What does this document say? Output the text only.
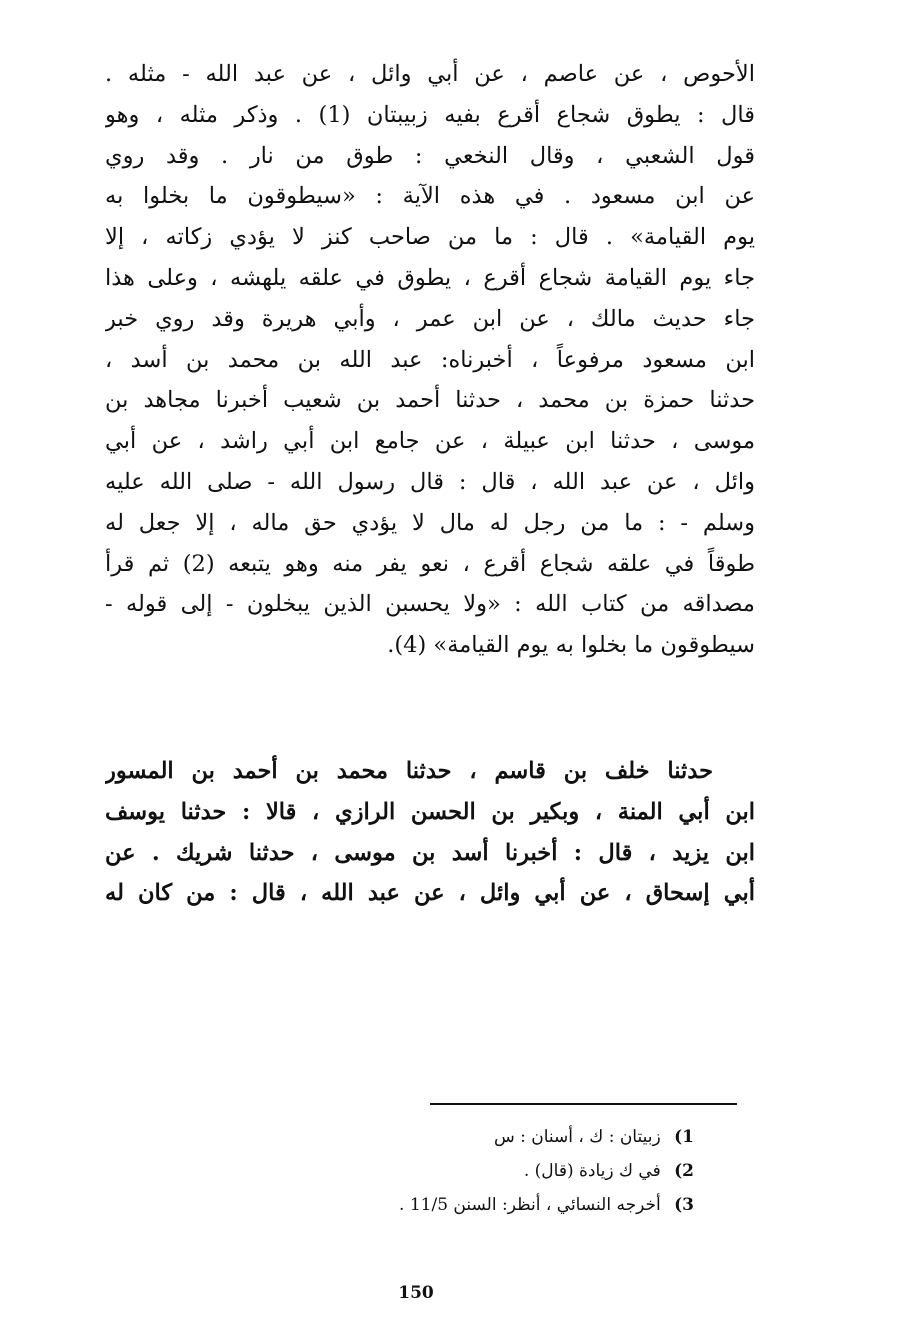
الأحوص ، عن عاصم ، عن أبي وائل ، عن عبد الله - مثله .
قال : يطوق شجاع أقرع بفيه زبيبتان (1) . وذكر مثله ، وهو
قول الشعبي ، وقال النخعي : طوق من نار . وقد روي
عن ابن مسعود . في هذه الآية : «سيطوقون ما بخلوا به
يوم القيامة» . قال : ما من صاحب كنز لا يؤدي زكاته ، إلا
جاء يوم القيامة شجاع أقرع ، يطوق في علقه يلهشه ، وعلى هذا
جاء حديث مالك ، عن ابن عمر ، وأبي هريرة وقد روي خبر
ابن مسعود مرفوعاً ، أخبرناه: عبد الله بن محمد بن أسد ،
حدثنا حمزة بن محمد ، حدثنا أحمد بن شعيب أخبرنا مجاهد بن
موسى ، حدثنا ابن عبيلة ، عن جامع ابن أبي راشد ، عن أبي
وائل ، عن عبد الله ، قال : قال رسول الله - صلى الله عليه
وسلم - : ما من رجل له مال لا يؤدي حق ماله ، إلا جعل له
طوقاً في علقه شجاع أقرع ، نعو يفر منه وهو يتبعه (2) ثم قرأ
مصداقه من كتاب الله : «ولا يحسبن الذين يبخلون - إلى قوله -
سيطوقون ما بخلوا به يوم القيامة» (4).
حدثنا خلف بن قاسم ، حدثنا محمد بن أحمد بن المسور
ابن أبي المنة ، وبكير بن الحسن الرازي ، قالا : حدثنا يوسف
ابن يزيد ، قال : أخبرنا أسد بن موسى ، حدثنا شريك . عن
أبي إسحاق ، عن أبي وائل ، عن عبد الله ، قال : من كان له
1) زبيتان : ك ، أسنان : س
2) في ك زيادة (قال) .
3) أخرجه النسائي ، أنظر: السنن 11/5 .
150
